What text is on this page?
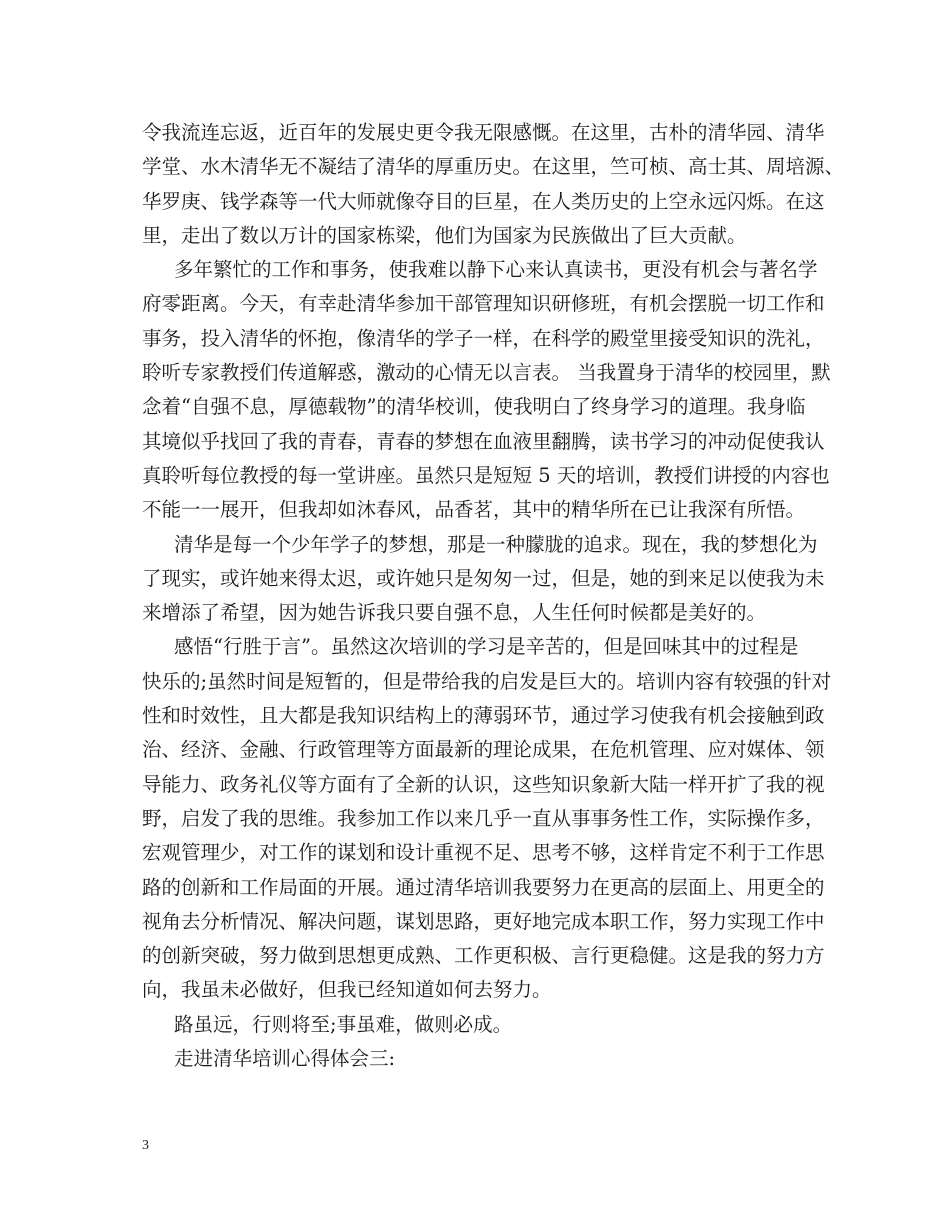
令我流连忘返，近百年的发展史更令我无限感慨。在这里，古朴的清华园、清华
学堂、水木清华无不凝结了清华的厚重历史。在这里，竺可桢、高士其、周培源、
华罗庚、钱学森等一代大师就像夺目的巨星，在人类历史的上空永远闪烁。在这
里，走出了数以万计的国家栋梁，他们为国家为民族做出了巨大贡献。
多年繁忙的工作和事务，使我难以静下心来认真读书，更没有机会与著名学
府零距离。今天，有幸赴清华参加干部管理知识研修班，有机会摆脱一切工作和
事务，投入清华的怀抱，像清华的学子一样，在科学的殿堂里接受知识的洗礼，
聆听专家教授们传道解惑，激动的心情无以言表。 当我置身于清华的校园里，默
念着“自强不息，厚德载物”的清华校训，使我明白了终身学习的道理。我身临
其境似乎找回了我的青春，青春的梦想在血液里翻腾，读书学习的冲动促使我认
真聆听每位教授的每一堂讲座。虽然只是短短 5 天的培训，教授们讲授的内容也
不能一一展开，但我却如沐春风，品香茗，其中的精华所在已让我深有所悟。
清华是每一个少年学子的梦想，那是一种朦胧的追求。现在，我的梦想化为
了现实，或许她来得太迟，或许她只是匆匆一过，但是，她的到来足以使我为未
来增添了希望，因为她告诉我只要自强不息，人生任何时候都是美好的。
感悟“行胜于言”。虽然这次培训的学习是辛苦的，但是回味其中的过程是
快乐的;虽然时间是短暂的，但是带给我的启发是巨大的。培训内容有较强的针对
性和时效性，且大都是我知识结构上的薄弱环节，通过学习使我有机会接触到政
治、经济、金融、行政管理等方面最新的理论成果，在危机管理、应对媒体、领
导能力、政务礼仪等方面有了全新的认识，这些知识象新大陆一样开扩了我的视
野，启发了我的思维。我参加工作以来几乎一直从事事务性工作，实际操作多，
宏观管理少，对工作的谋划和设计重视不足、思考不够，这样肯定不利于工作思
路的创新和工作局面的开展。通过清华培训我要努力在更高的层面上、用更全的
视角去分析情况、解决问题，谋划思路，更好地完成本职工作，努力实现工作中
的创新突破，努力做到思想更成熟、工作更积极、言行更稳健。这是我的努力方
向，我虽未必做好，但我已经知道如何去努力。
路虽远，行则将至;事虽难，做则必成。
走进清华培训心得体会三:
3
